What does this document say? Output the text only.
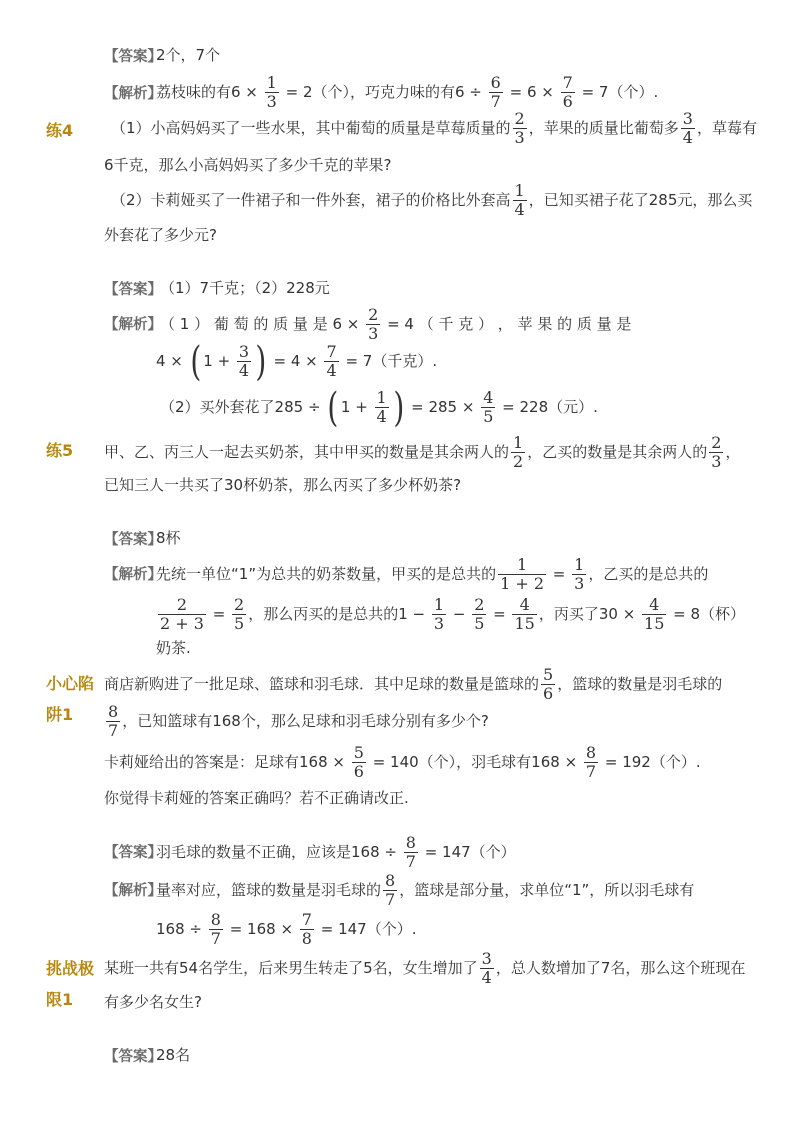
【答案】
2个，7个
【解析】
荔枝味的有$6 \times \frac{1}{3} = 2$（个），巧克力味的有$6 \div \frac{6}{7} = 6 \times \frac{7}{6} = 7$（个）.
练4	（1）小高妈妈买了一些水果，其中葡萄的质量是草莓质量的 $\frac{2}{3}$ ，苹果的质量比葡萄多 $\frac{3}{4}$ ，草莓有
6千克，那么小高妈妈买了多少千克的苹果?
（2）卡莉娅买了一件裙子和一件外套，裙子的价格比外套高 $\frac{1}{4}$ ，已知买裙子花了285元，那么买
外套花了多少元?
【答案】
（1）7千克；（2）228元
【解析】
（ 1 ） 葡 萄 的 质 量 是 $6 \times \frac{2}{3} = 4$ （ 千 克 ） ， 苹 果 的 质 量 是
4 × ( $1 + \frac{3}{4}$ ) = $4 \times \frac{7}{4} = 7$（千克）.
（2）买外套花了285 ÷ ( $1 + \frac{1}{4}$ ) = $285 \times \frac{4}{5} = 228$（元）.
练5 甲、乙、丙三人一起去买奶茶，其中甲买的数量是其余两人的 $\frac{1}{2}$ ，乙买的数量是其余两人的 $\frac{2}{3}$ ，
已知三人一共买了30杯奶茶，那么丙买了多少杯奶茶?
【答案】
8杯
【解析】
先统一单位“1”为总共的奶茶数量，甲买的是总共的 $\frac{1}{1 + 2} = \frac{1}{3}$ ，乙买的是总共的
$\frac{2}{2 + 3} = \frac{2}{5}$ ，那么丙买的是总共的$1 - \frac{1}{3} - \frac{2}{5} = \frac{4}{15}$ ，丙买了$30 \times \frac{4}{15} = 8$（杯）
奶茶.
小心陷
阱1
商店新购进了一批足球、篮球和羽毛球．其中足球的数量是篮球的 $\frac{5}{6}$ ，篮球的数量是羽毛球的
$\frac{8}{7}$ ，已知篮球有168个，那么足球和羽毛球分别有多少个?
卡莉娅给出的答案是：足球有$168 \times \frac{5}{6} = 140$（个），羽毛球有$168 \times \frac{8}{7} = 192$（个）.
你觉得卡莉娅的答案正确吗？若不正确请改正.
【答案】
羽毛球的数量不正确，应该是$168 \div \frac{8}{7} = 147$（个）
【解析】
量率对应，篮球的数量是羽毛球的 $\frac{8}{7}$ ，篮球是部分量，求单位“1”，所以羽毛球有
$168 \div \frac{8}{7} = 168 \times \frac{7}{8} = 147$（个）.
挑战极
限1
某班一共有54名学生，后来男生转走了5名，女生增加了 $\frac{3}{4}$ ，总人数增加了7名，那么这个班现在
有多少名女生?
【答案】
28名
